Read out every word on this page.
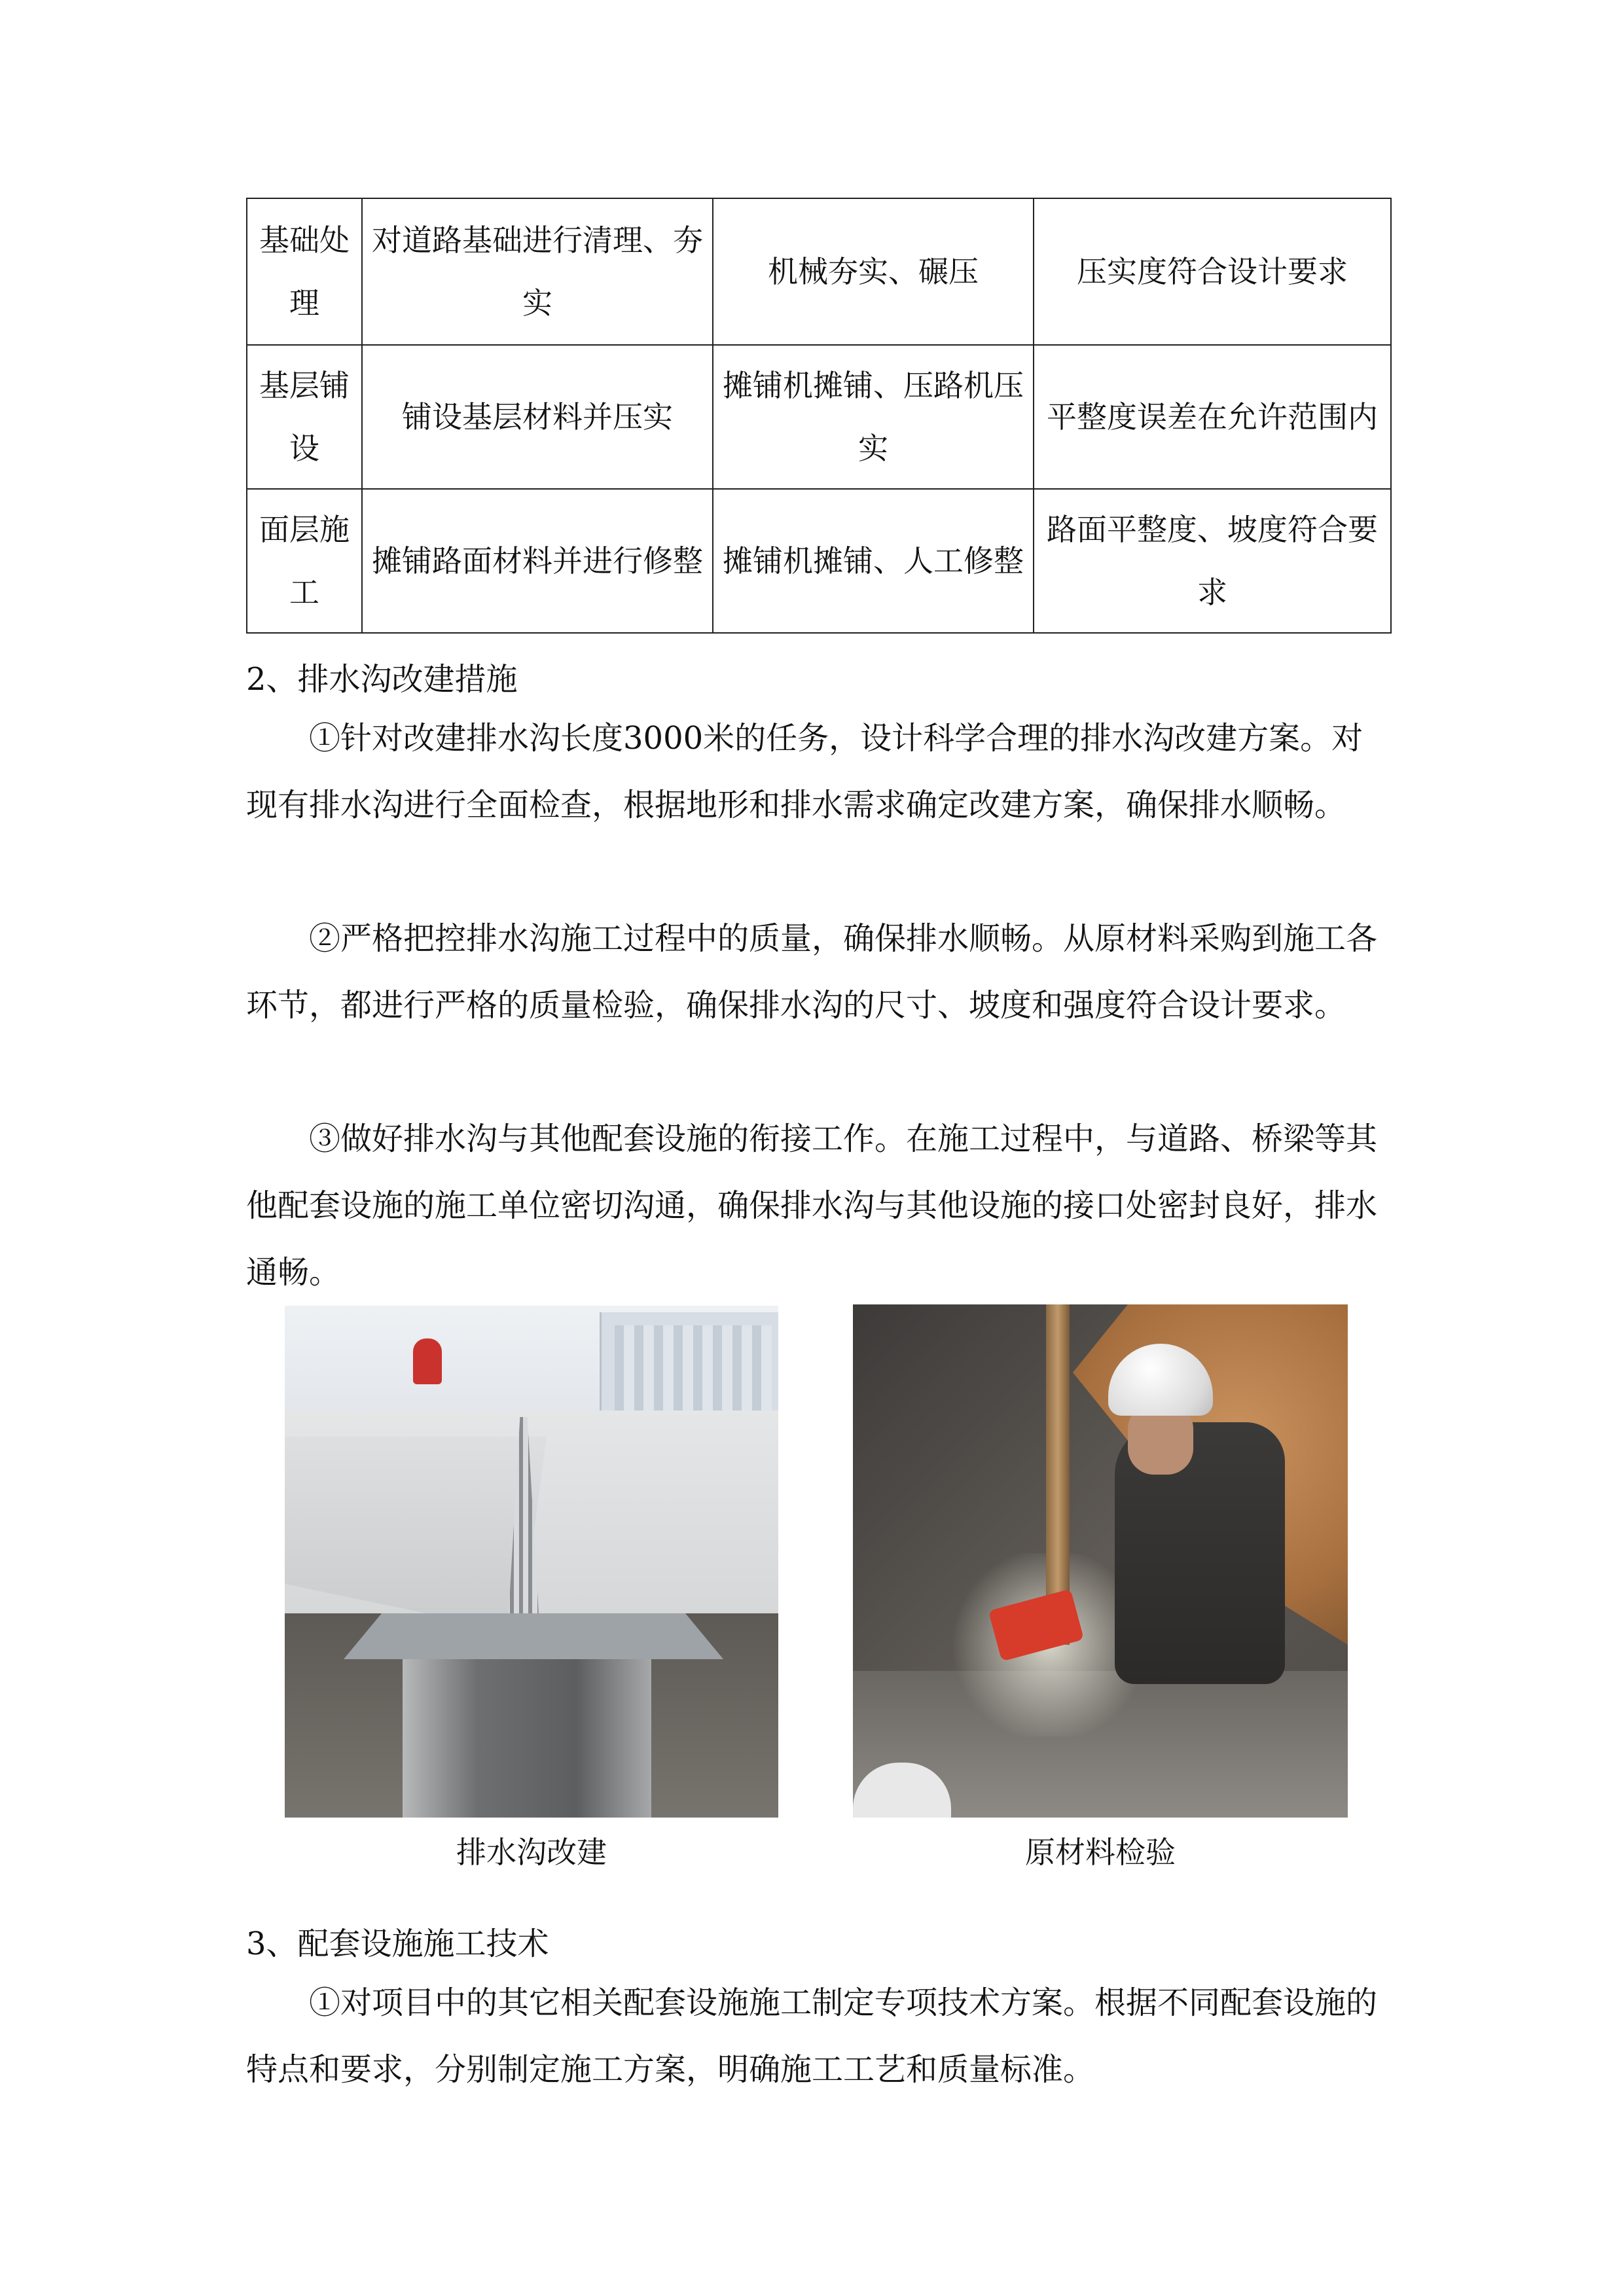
基础处理	对道路基础进行清理、夯实	机械夯实、碾压	压实度符合设计要求
基层铺设	铺设基层材料并压实	摊铺机摊铺、压路机压实	平整度误差在允许范围内
面层施工	摊铺路面材料并进行修整	摊铺机摊铺、人工修整	路面平整度、坡度符合要求
2、排水沟改建措施

①针对改建排水沟长度3000米的任务，设计科学合理的排水沟改建方案。对现有排水沟进行全面检查，根据地形和排水需求确定改建方案，确保排水顺畅。

②严格把控排水沟施工过程中的质量，确保排水顺畅。从原材料采购到施工各环节，都进行严格的质量检验，确保排水沟的尺寸、坡度和强度符合设计要求。

③做好排水沟与其他配套设施的衔接工作。在施工过程中，与道路、桥梁等其他配套设施的施工单位密切沟通，确保排水沟与其他设施的接口处密封良好，排水通畅。

排水沟改建	原材料检验
3、配套设施施工技术

①对项目中的其它相关配套设施施工制定专项技术方案。根据不同配套设施的特点和要求，分别制定施工方案，明确施工工艺和质量标准。
